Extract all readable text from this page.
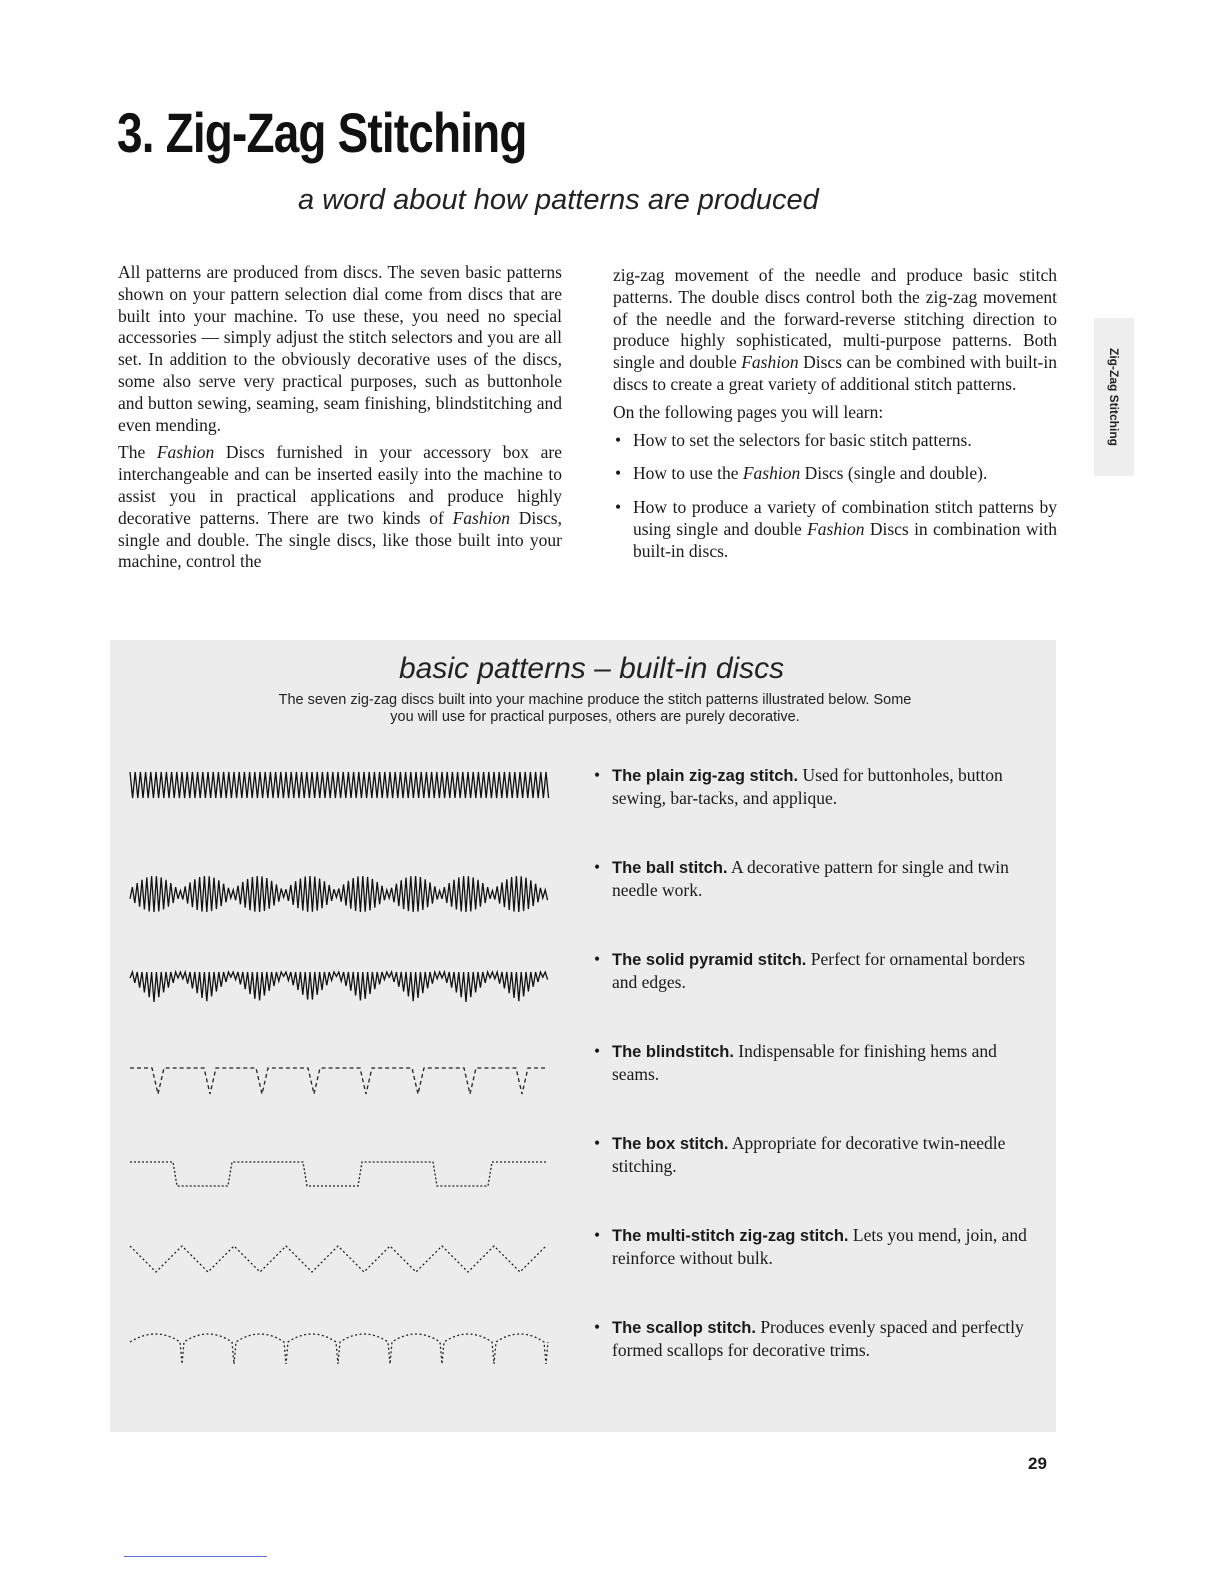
3. Zig-Zag Stitching
a word about how patterns are produced
Zig-Zag Stitching

All patterns are produced from discs. The seven basic patterns shown on your pattern selection dial come from discs that are built into your machine. To use these, you need no special accessories — simply adjust the stitch selectors and you are all set. In addition to the obviously decorative uses of the discs, some also serve very practical purposes, such as buttonhole and button sewing, seaming, seam finishing, blindstitching and even mending.

The Fashion Discs furnished in your accessory box are interchangeable and can be inserted easily into the machine to assist you in practical applications and produce highly decorative patterns. There are two kinds of Fashion Discs, single and double. The single discs, like those built into your machine, control the

zig-zag movement of the needle and produce basic stitch patterns. The double discs control both the zig-zag movement of the needle and the forward-reverse stitching direction to produce highly sophisticated, multi-purpose patterns. Both single and double Fashion Discs can be combined with built-in discs to create a great variety of additional stitch patterns.

On the following pages you will learn:

• How to set the selectors for basic stitch patterns.
• How to use the Fashion Discs (single and double).
• How to produce a variety of combination stitch patterns by using single and double Fashion Discs in combination with built-in discs.
basic patterns – built-in discs

The seven zig-zag discs built into your machine produce the stitch patterns illustrated below. Some you will use for practical purposes, others are purely decorative.

• The plain zig-zag stitch. Used for buttonholes, button sewing, bar-tacks, and applique.
• The ball stitch. A decorative pattern for single and twin needle work.
• The solid pyramid stitch. Perfect for ornamental borders and edges.
• The blindstitch. Indispensable for finishing hems and seams.
• The box stitch. Appropriate for decorative twin-needle stitching.
• The multi-stitch zig-zag stitch. Lets you mend, join, and reinforce without bulk.
• The scallop stitch. Produces evenly spaced and perfectly formed scallops for decorative trims.
29
